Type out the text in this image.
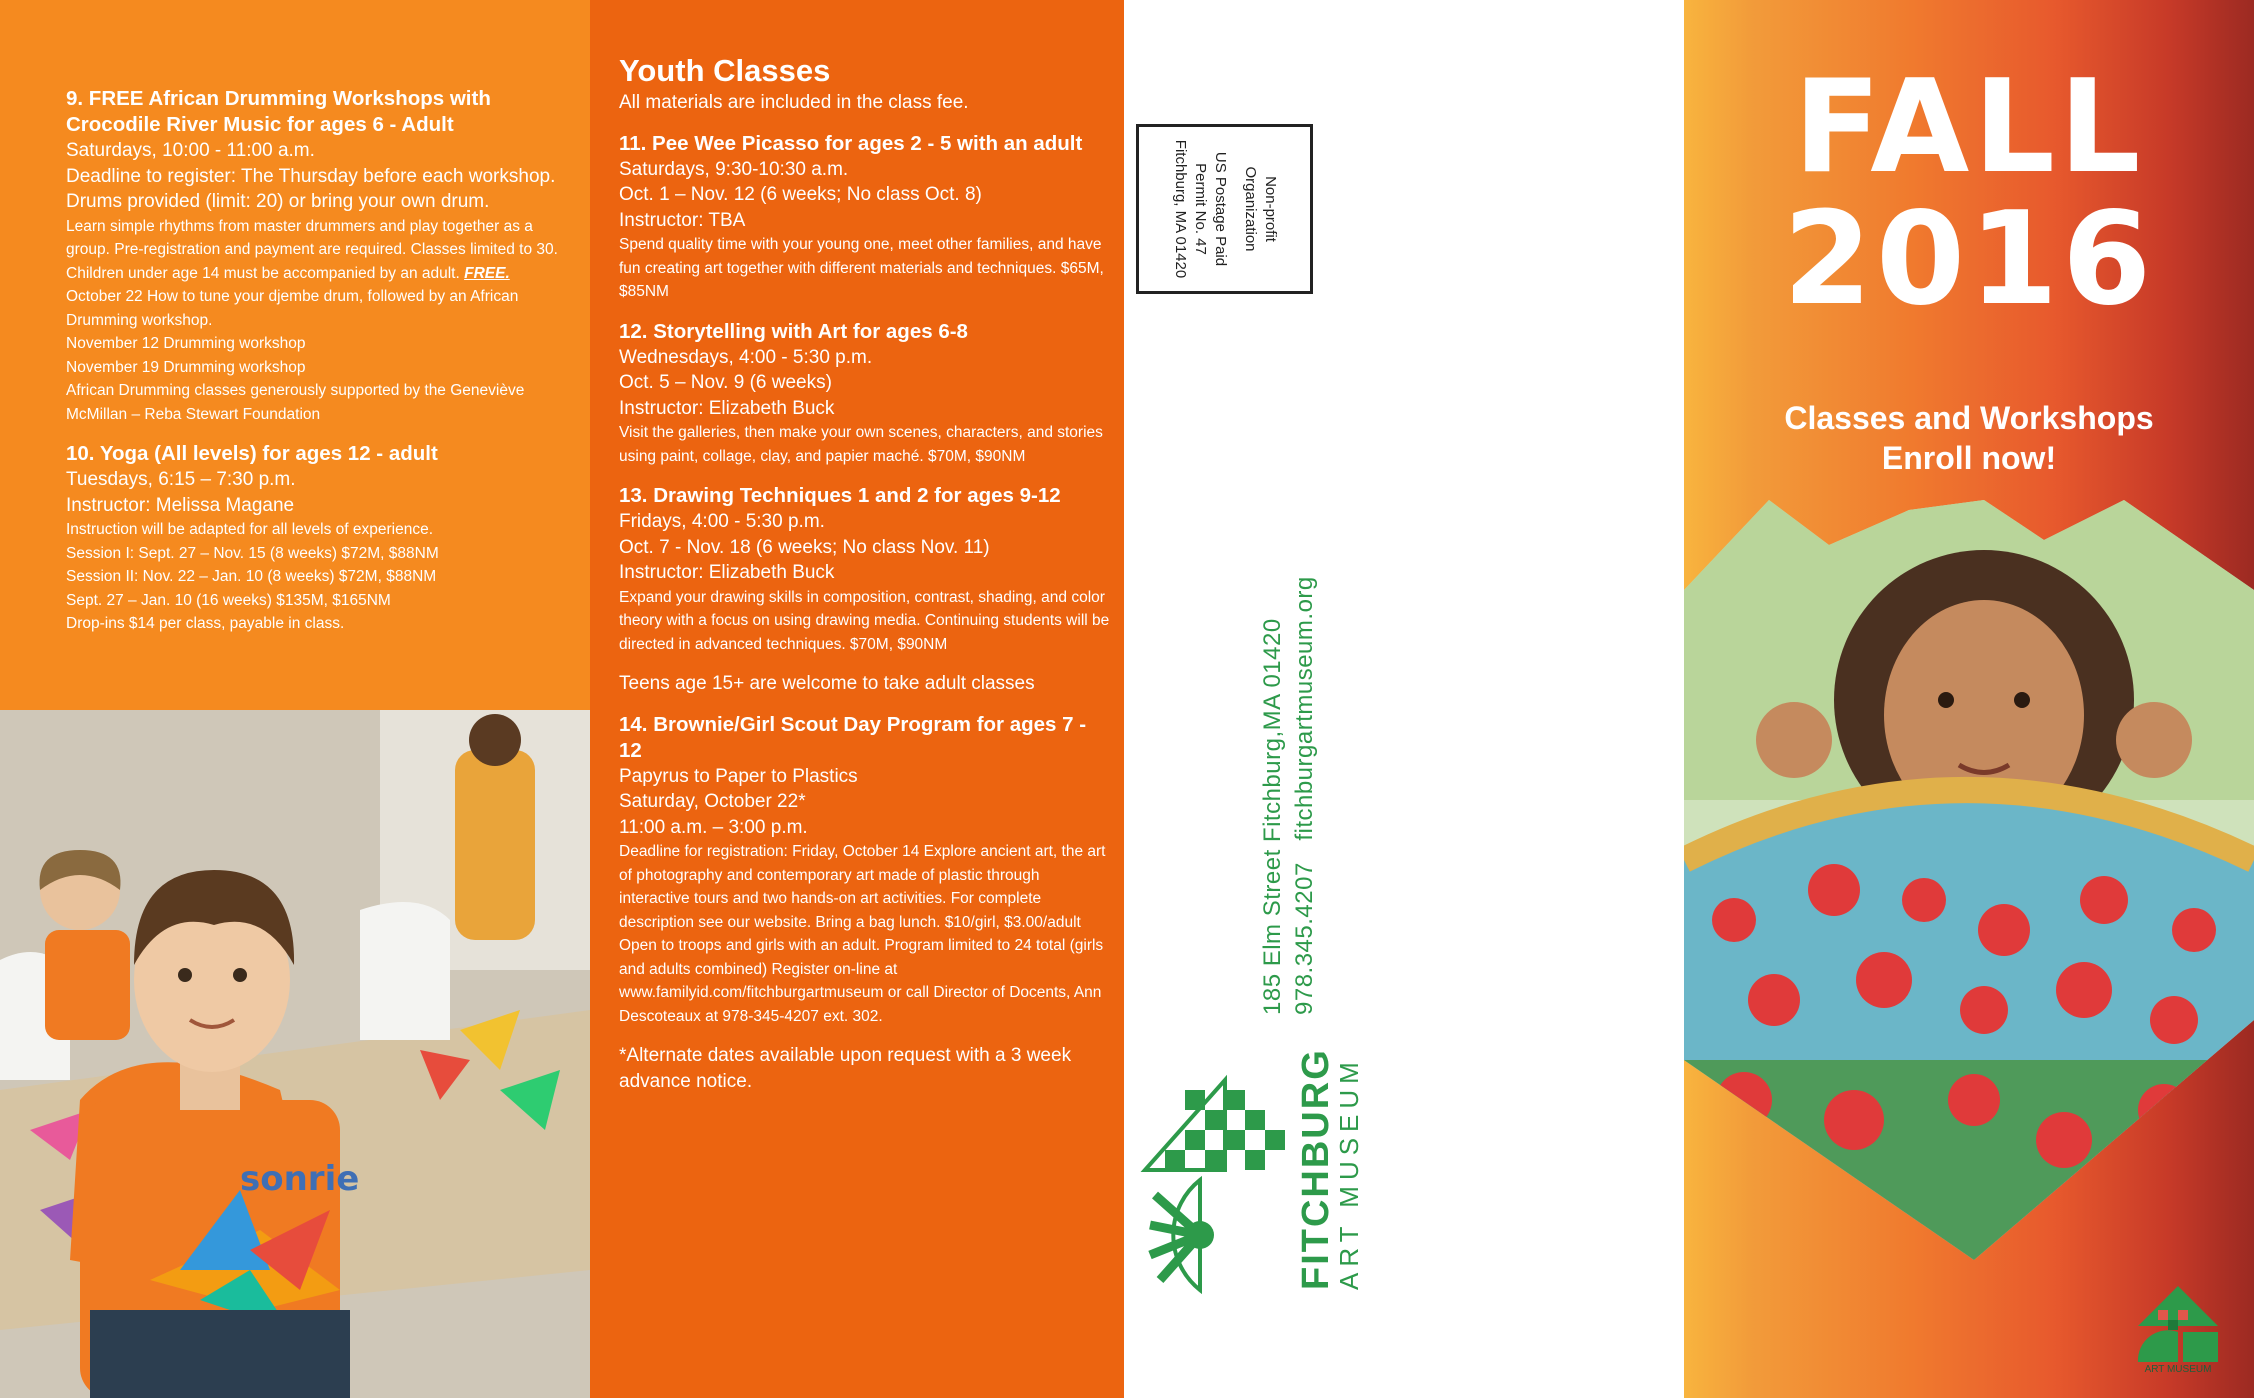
9. FREE African Drumming Workshops with Crocodile River Music for ages 6 - Adult
Saturdays, 10:00 - 11:00 a.m.
Deadline to register: The Thursday before each workshop. Drums provided (limit: 20) or bring your own drum.
Learn simple rhythms from master drummers and play together as a group. Pre-registration and payment are required. Classes limited to 30. Children under age 14 must be accompanied by an adult. FREE.
October 22 How to tune your djembe drum, followed by an African Drumming workshop.
November 12 Drumming workshop
November 19 Drumming workshop
African Drumming classes generously supported by the Geneviève McMillan – Reba Stewart Foundation
10. Yoga (All levels) for ages 12 - adult
Tuesdays, 6:15 – 7:30 p.m.
Instructor: Melissa Magane
Instruction will be adapted for all levels of experience.
Session I: Sept. 27 – Nov. 15 (8 weeks) $72M, $88NM
Session II: Nov. 22 – Jan. 10 (8 weeks) $72M, $88NM
Sept. 27 – Jan. 10 (16 weeks) $135M, $165NM
Drop-ins $14 per class, payable in class.
sonrie
Youth Classes
All materials are included in the class fee.
11. Pee Wee Picasso for ages 2 - 5 with an adult
Saturdays, 9:30-10:30 a.m.
Oct. 1 – Nov. 12 (6 weeks; No class Oct. 8)
Instructor: TBA
Spend quality time with your young one, meet other families, and have fun creating art together with different materials and techniques. $65M, $85NM
12. Storytelling with Art for ages 6-8
Wednesdays, 4:00 - 5:30 p.m.
Oct. 5 – Nov. 9 (6 weeks)
Instructor: Elizabeth Buck
Visit the galleries, then make your own scenes, characters, and stories using paint, collage, clay, and papier maché. $70M, $90NM
13. Drawing Techniques 1 and 2 for ages 9-12
Fridays, 4:00 - 5:30 p.m.
Oct. 7 - Nov. 18 (6 weeks; No class Nov. 11)
Instructor: Elizabeth Buck
Expand your drawing skills in composition, contrast, shading, and color theory with a focus on using drawing media. Continuing students will be directed in advanced techniques. $70M, $90NM
Teens age 15+ are welcome to take adult classes
14. Brownie/Girl Scout Day Program for ages 7 - 12
Papyrus to Paper to Plastics
Saturday, October 22*
11:00 a.m. – 3:00 p.m.
Deadline for registration: Friday, October 14 Explore ancient art, the art of photography and contemporary art made of plastic through interactive tours and two hands-on art activities. For complete description see our website. Bring a bag lunch. $10/girl, $3.00/adult Open to troops and girls with an adult. Program limited to 24 total (girls and adults combined) Register on-line at www.familyid.com/fitchburgartmuseum or call Director of Docents, Ann Descoteaux at 978-345-4207 ext. 302.
*Alternate dates available upon request with a 3 week advance notice.
Non-profit
Organization
US Postage Paid
Permit No. 47
Fitchburg, MA 01420
185 Elm Street Fitchburg,MA 01420 978.345.4207   fitchburgartmuseum.org
FITCHBURG
ART MUSEUM
FALL
2016
Classes and Workshops
Enroll now!
ART MUSEUM
